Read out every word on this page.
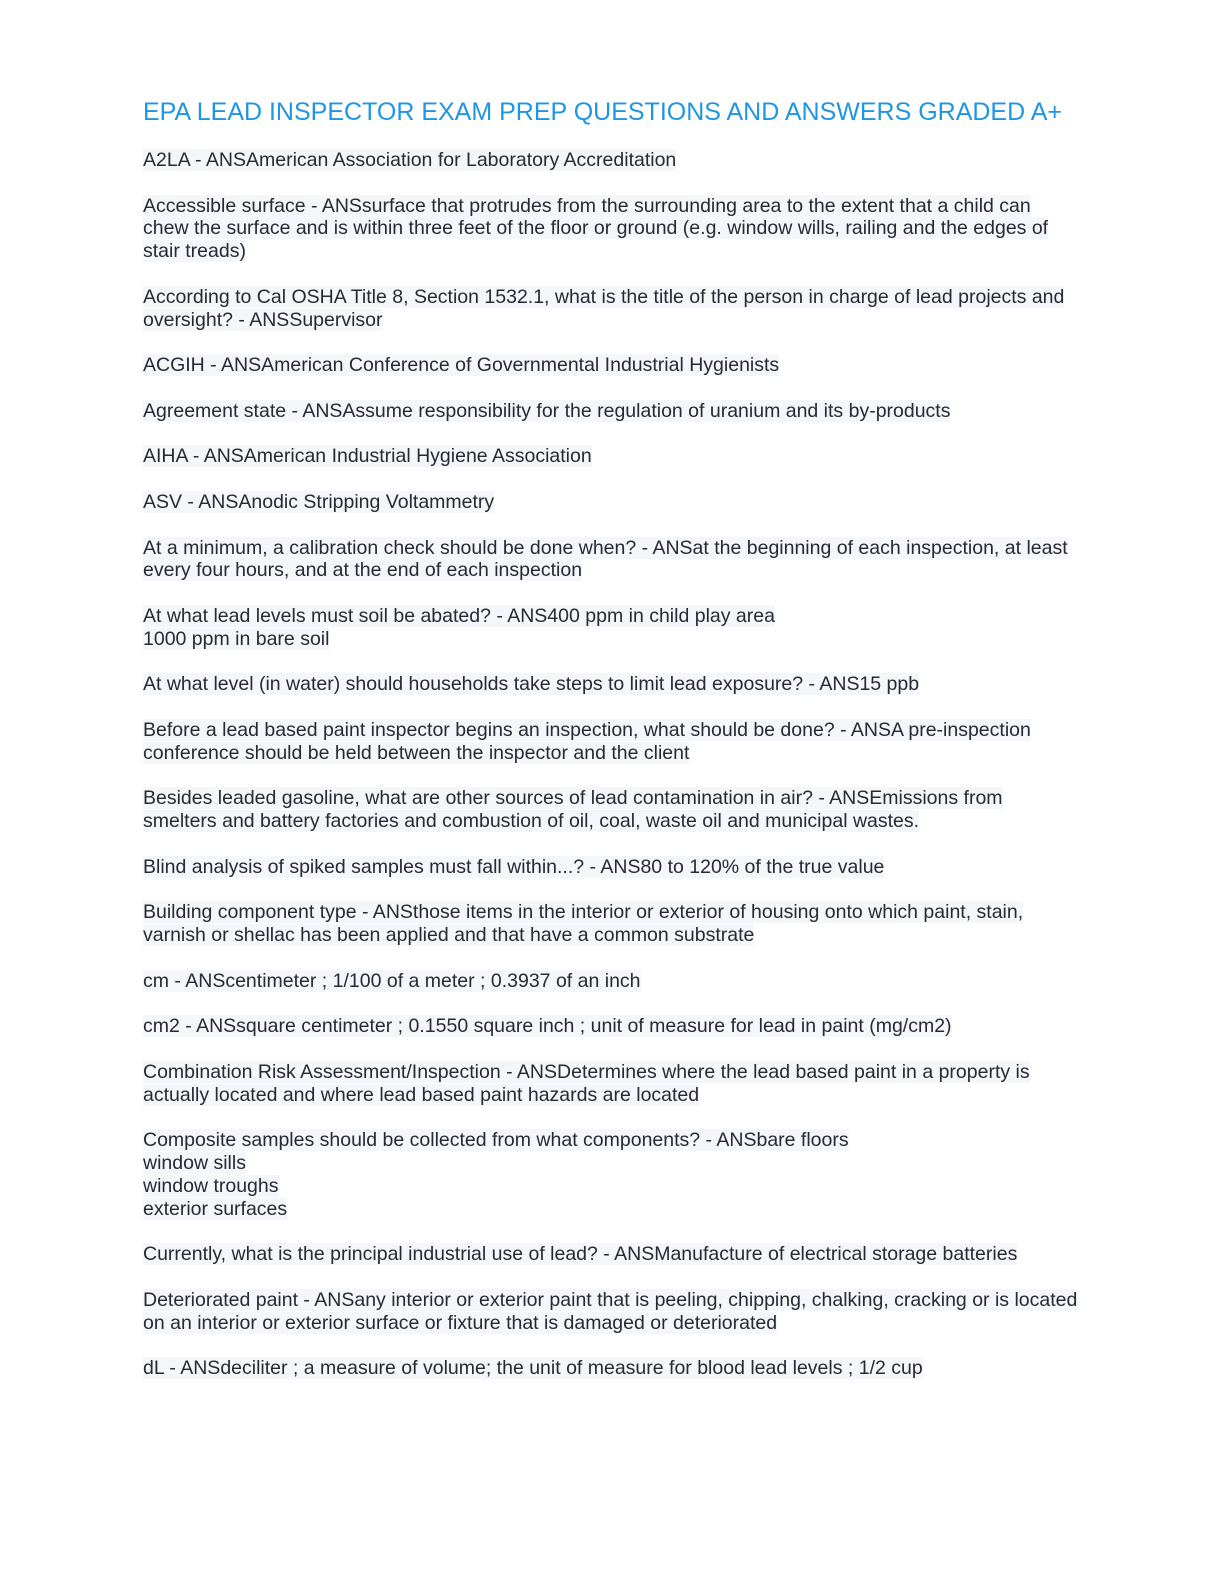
EPA LEAD INSPECTOR EXAM PREP QUESTIONS AND ANSWERS GRADED A+

A2LA - ANSAmerican Association for Laboratory Accreditation

Accessible surface - ANSsurface that protrudes from the surrounding area to the extent that a child can chew the surface and is within three feet of the floor or ground (e.g. window wills, railing and the edges of stair treads)

According to Cal OSHA Title 8, Section 1532.1, what is the title of the person in charge of lead projects and oversight? - ANSSupervisor

ACGIH - ANSAmerican Conference of Governmental Industrial Hygienists

Agreement state - ANSAssume responsibility for the regulation of uranium and its by-products

AIHA - ANSAmerican Industrial Hygiene Association

ASV - ANSAnodic Stripping Voltammetry

At a minimum, a calibration check should be done when? - ANSat the beginning of each inspection, at least every four hours, and at the end of each inspection

At what lead levels must soil be abated? - ANS400 ppm in child play area
1000 ppm in bare soil

At what level (in water) should households take steps to limit lead exposure? - ANS15 ppb

Before a lead based paint inspector begins an inspection, what should be done? - ANSA pre-inspection conference should be held between the inspector and the client

Besides leaded gasoline, what are other sources of lead contamination in air? - ANSEmissions from smelters and battery factories and combustion of oil, coal, waste oil and municipal wastes.

Blind analysis of spiked samples must fall within...? - ANS80 to 120% of the true value

Building component type - ANSthose items in the interior or exterior of housing onto which paint, stain, varnish or shellac has been applied and that have a common substrate

cm - ANScentimeter ; 1/100 of a meter ; 0.3937 of an inch

cm2 - ANSsquare centimeter ; 0.1550 square inch ; unit of measure for lead in paint (mg/cm2)

Combination Risk Assessment/Inspection - ANSDetermines where the lead based paint in a property is actually located and where lead based paint hazards are located

Composite samples should be collected from what components? - ANSbare floors
window sills
window troughs
exterior surfaces

Currently, what is the principal industrial use of lead? - ANSManufacture of electrical storage batteries

Deteriorated paint - ANSany interior or exterior paint that is peeling, chipping, chalking, cracking or is located on an interior or exterior surface or fixture that is damaged or deteriorated

dL - ANSdeciliter ; a measure of volume; the unit of measure for blood lead levels ; 1/2 cup
